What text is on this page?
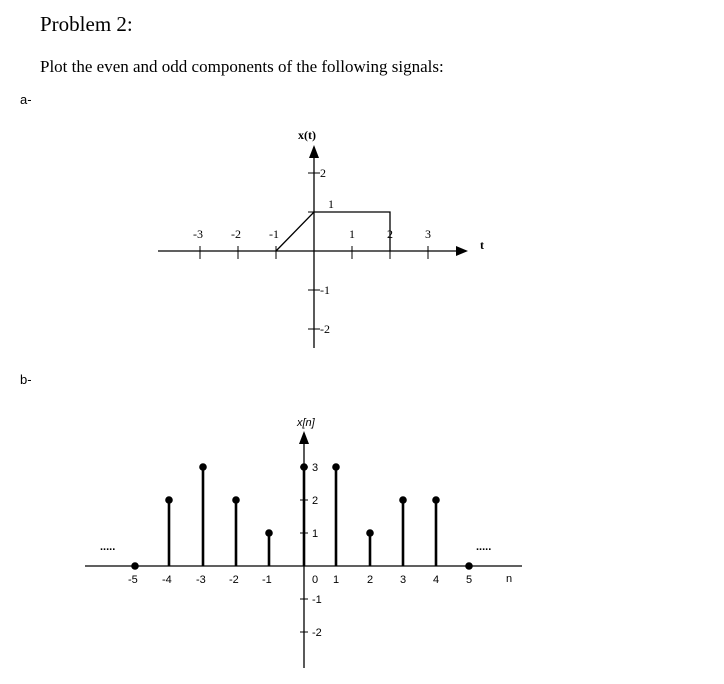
Problem 2:
Plot the even and odd components of the following signals:
a-
b-
t
x(t)
-3 -2 -1	1	2	3
2
1
-1
-2
x[n]
n
.....	.....
-5 -4 -3 -2 -1	0 1	2 3 4 5
3
2
1
-1
-2
